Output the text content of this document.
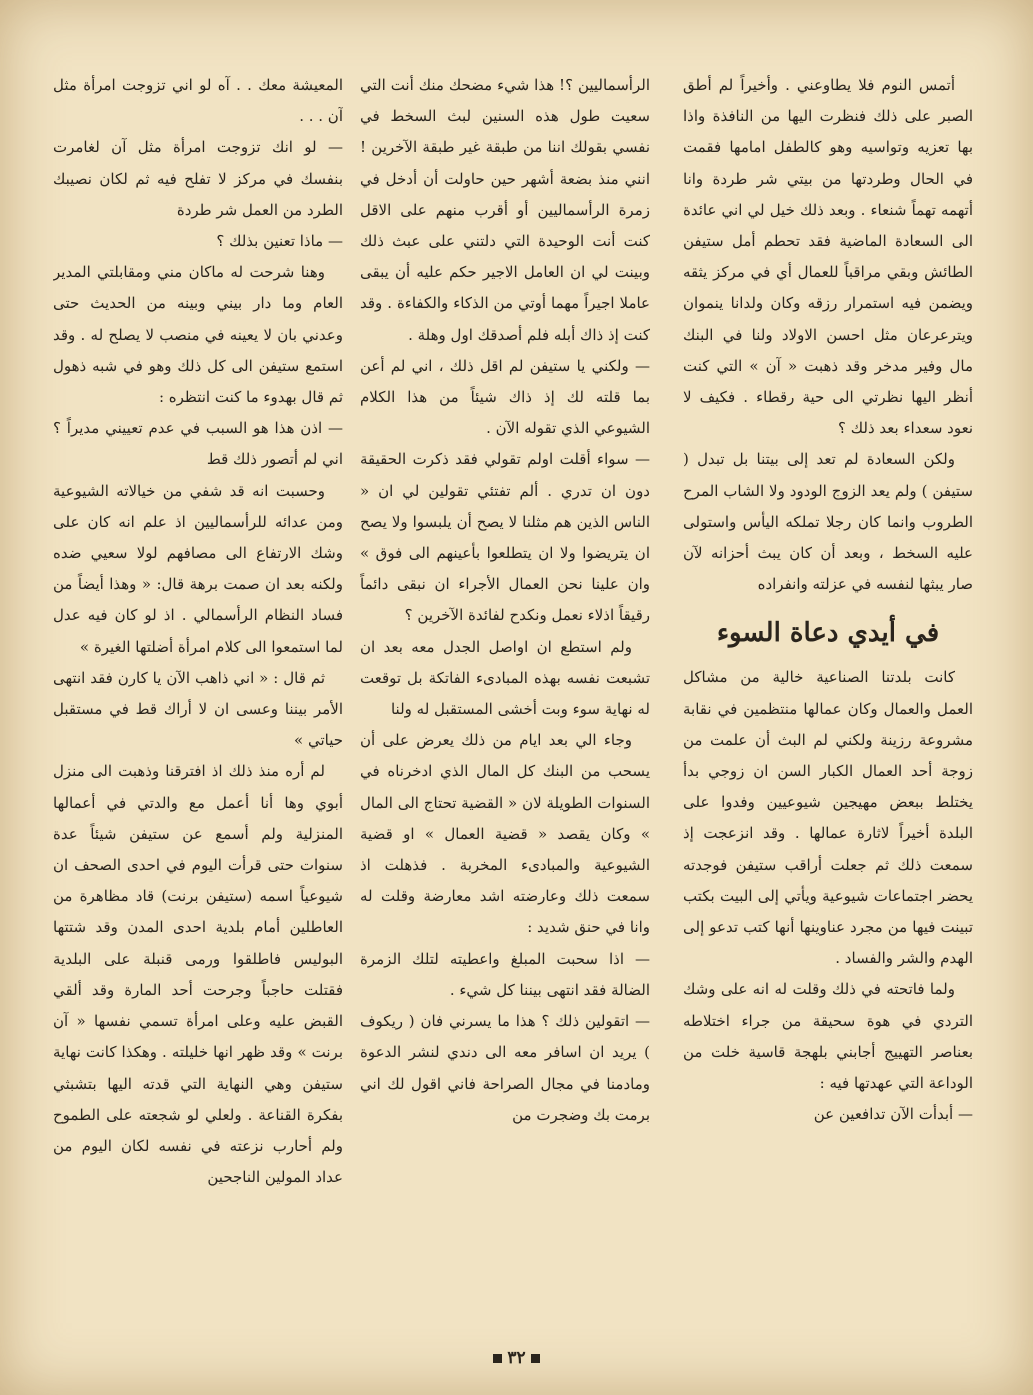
أتمس النوم فلا يطاوعني . وأخيراً لم أطق الصبر على ذلك فنظرت اليها من النافذة واذا بها تعزيه وتواسيه وهو كالطفل امامها فقمت في الحال وطردتها من بيتي شر طردة وانا أتهمه تهماً شنعاء . وبعد ذلك خيل لي اني عائدة الى السعادة الماضية فقد تحطم أمل ستيفن الطائش وبقي مراقباً للعمال أي في مركز يثقه ويضمن فيه استمرار رزقه وكان ولدانا ينموان ويترعرعان مثل احسن الاولاد ولنا في البنك مال وفير مدخر وقد ذهبت « آن » التي كنت أنظر اليها نظرتي الى حية رقطاء . فكيف لا نعود سعداء بعد ذلك ؟

ولكن السعادة لم تعد إلى بيتنا بل تبدل ( ستيفن ) ولم يعد الزوج الودود ولا الشاب المرح الطروب وانما كان رجلا تملكه اليأس واستولى عليه السخط ، وبعد أن كان يبث أحزانه لآن صار يبثها لنفسه في عزلته وانفراده

في أيدي دعاة السوء

كانت بلدتنا الصناعية خالية من مشاكل العمل والعمال وكان عمالها منتظمين في نقابة مشروعة رزينة ولكني لم البث أن علمت من زوجة أحد العمال الكبار السن ان زوجي بدأ يختلط ببعض مهيجين شيوعيين وفدوا على البلدة أخيراً لاثارة عمالها . وقد انزعجت إذ سمعت ذلك ثم جعلت أراقب ستيفن فوجدته يحضر اجتماعات شيوعية ويأتي إلى البيت بكتب تبينت فيها من مجرد عناوينها أنها كتب تدعو إلى الهدم والشر والفساد .

ولما فاتحته في ذلك وقلت له انه على وشك التردي في هوة سحيقة من جراء اختلاطه بعناصر التهييج أجابني بلهجة قاسية خلت من الوداعة التي عهدتها فيه :

— أبدأت الآن تدافعين عن

الرأسماليين ؟! هذا شيء مضحك منك أنت التي سعيت طول هذه السنين لبث السخط في نفسي بقولك اننا من طبقة غير طبقة الآخرين ! انني منذ بضعة أشهر حين حاولت أن أدخل في زمرة الرأسماليين أو أقرب منهم على الاقل كنت أنت الوحيدة التي دلتني على عبث ذلك وبينت لي ان العامل الاجير حكم عليه أن يبقى عاملا اجيراً مهما أوتي من الذكاء والكفاءة . وقد كنت إذ ذاك أبله فلم أصدقك اول وهلة .

— ولكني يا ستيفن لم اقل ذلك ، اني لم أعن بما قلته لك إذ ذاك شيئاً من هذا الكلام الشيوعي الذي تقوله الآن .

— سواء أقلت اولم تقولي فقد ذكرت الحقيقة دون ان تدري . ألم تفتئي تقولين لي ان « الناس الذين هم مثلنا لا يصح أن يلبسوا ولا يصح ان يتريضوا ولا ان يتطلعوا بأعينهم الى فوق » وان علينا نحن العمال الأجراء ان نبقى دائماً رقيقاً اذلاء نعمل ونكدح لفائدة الآخرين ؟

ولم استطع ان اواصل الجدل معه بعد ان تشبعت نفسه بهذه المبادىء الفاتكة بل توقعت له نهاية سوء وبت أخشى المستقبل له ولنا

وجاء الي بعد ايام من ذلك يعرض على أن يسحب من البنك كل المال الذي ادخرناه في السنوات الطويلة لان « القضية تحتاج الى المال » وكان يقصد « قضية العمال » او قضية الشيوعية والمبادىء المخربة . فذهلت اذ سمعت ذلك وعارضته اشد معارضة وقلت له وانا في حنق شديد :

— اذا سحبت المبلغ واعطيته لتلك الزمرة الضالة فقد انتهى بيننا كل شيء .

— اتقولين ذلك ؟ هذا ما يسرني فان ( ريكوف ) يريد ان اسافر معه الى دندي لنشر الدعوة ومادمنا في مجال الصراحة فاني اقول لك اني برمت بك وضجرت من

المعيشة معك . . آه لو اني تزوجت امرأة مثل آن . . .

— لو انك تزوجت امرأة مثل آن لغامرت بنفسك في مركز لا تفلح فيه ثم لكان نصيبك الطرد من العمل شر طردة

— ماذا تعنين بذلك ؟

وهنا شرحت له ماكان مني ومقابلتي المدير العام وما دار بيني وبينه من الحديث حتى وعدني بان لا يعينه في منصب لا يصلح له . وقد استمع ستيفن الى كل ذلك وهو في شبه ذهول ثم قال بهدوء ما كنت انتظره :

— اذن هذا هو السبب في عدم تعييني مديراً ؟ اني لم أتصور ذلك قط

وحسبت انه قد شفي من خيالاته الشيوعية ومن عدائه للرأسماليين اذ علم انه كان على وشك الارتفاع الى مصافهم لولا سعيي ضده ولكنه بعد ان صمت برهة قال: « وهذا أيضاً من فساد النظام الرأسمالي . اذ لو كان فيه عدل لما استمعوا الى كلام امرأة أضلتها الغيرة »

ثم قال : « اني ذاهب الآن يا كارن فقد انتهى الأمر بيننا وعسى ان لا أراك قط في مستقبل حياتي »

لم أره منذ ذلك اذ افترقنا وذهبت الى منزل أبوي وها أنا أعمل مع والدتي في أعمالها المنزلية ولم أسمع عن ستيفن شيئاً عدة سنوات حتى قرأت اليوم في احدى الصحف ان شيوعياً اسمه (ستيفن برنت) قاد مظاهرة من العاطلين أمام بلدية احدى المدن وقد شتتها البوليس فاطلقوا ورمى قنبلة على البلدية فقتلت حاجباً وجرحت أحد المارة وقد ألقي القبض عليه وعلى امرأة تسمي نفسها « آن برنت » وقد ظهر انها خليلته . وهكذا كانت نهاية ستيفن وهي النهاية التي قدته اليها بتشبثي بفكرة القناعة . ولعلي لو شجعته على الطموح ولم أحارب نزعته في نفسه لكان اليوم من عداد المولين الناجحين

٣٢
